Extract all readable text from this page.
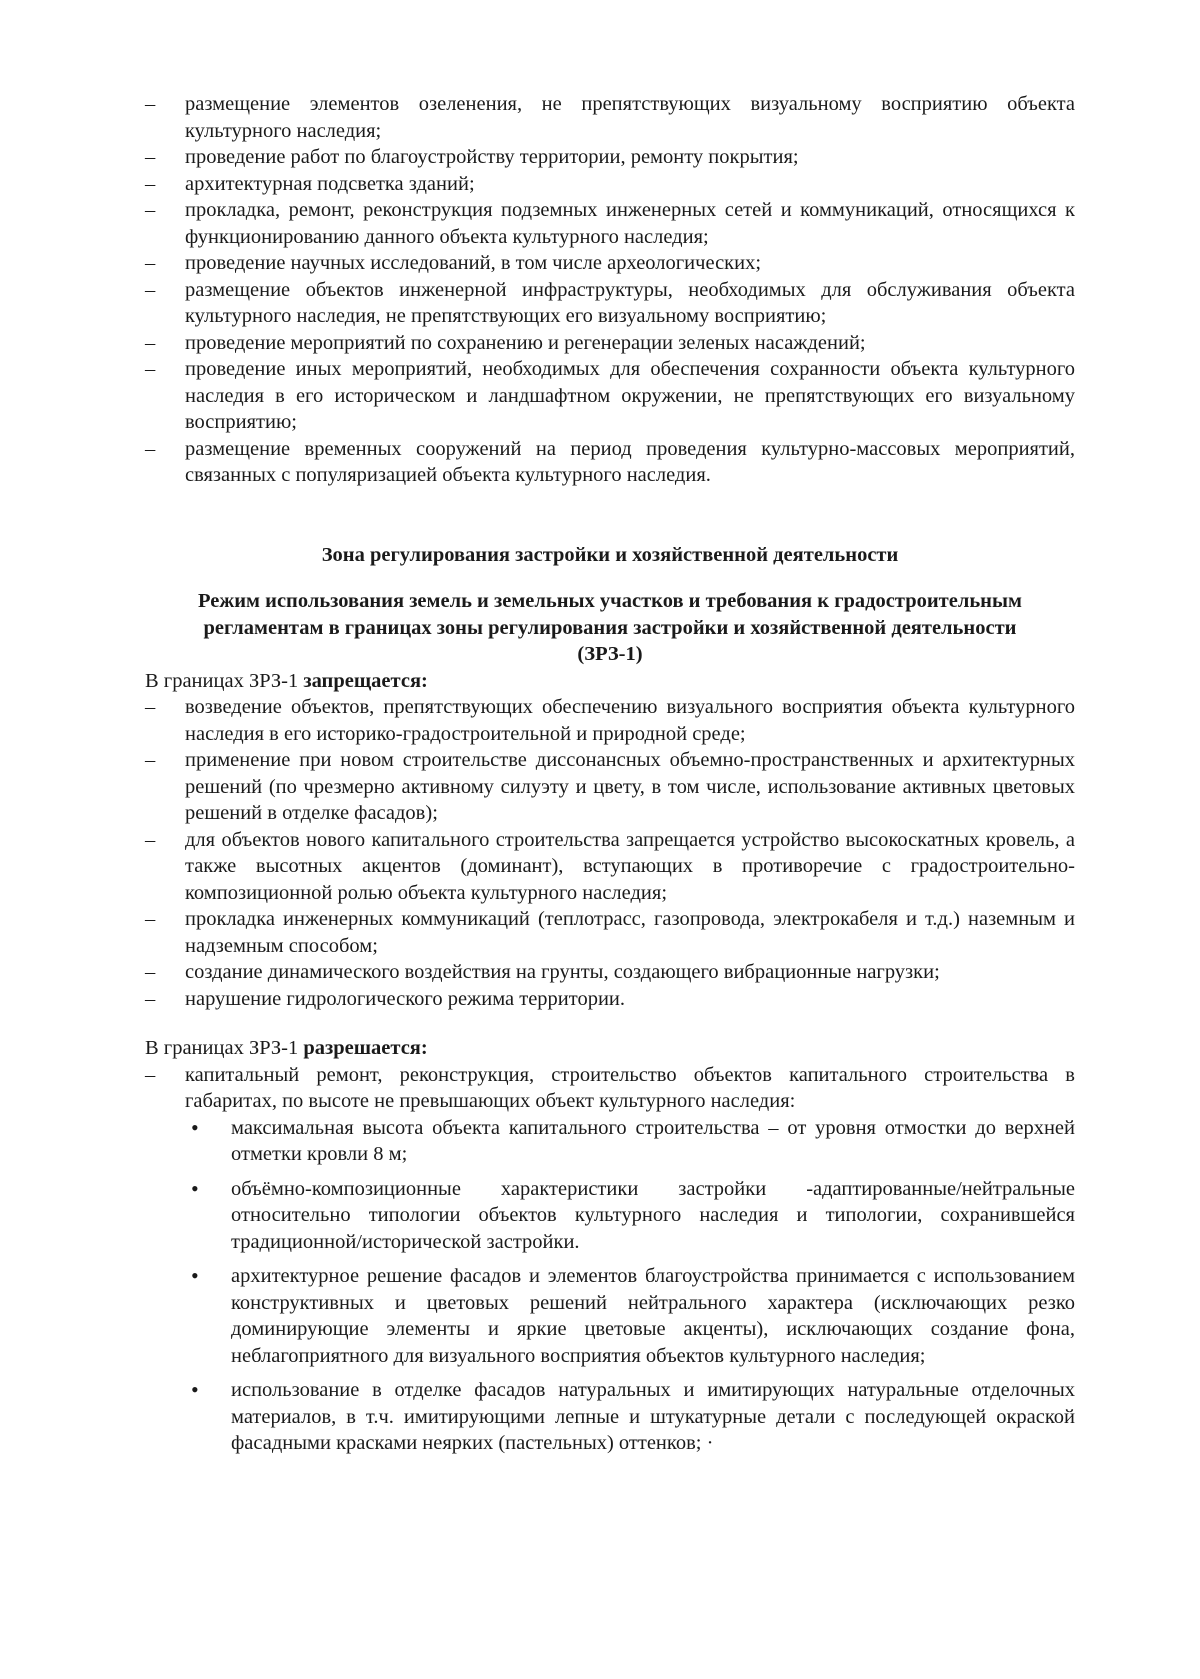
– размещение элементов озеленения, не препятствующих визуальному восприятию объекта культурного наследия;
– проведение работ по благоустройству территории, ремонту покрытия;
– архитектурная подсветка зданий;
– прокладка, ремонт, реконструкция подземных инженерных сетей и коммуникаций, относящихся к функционированию данного объекта культурного наследия;
– проведение научных исследований, в том числе археологических;
– размещение объектов инженерной инфраструктуры, необходимых для обслуживания объекта культурного наследия, не препятствующих его визуальному восприятию;
– проведение мероприятий по сохранению и регенерации зеленых насаждений;
– проведение иных мероприятий, необходимых для обеспечения сохранности объекта культурного наследия в его историческом и ландшафтном окружении, не препятствующих его визуальному восприятию;
– размещение временных сооружений на период проведения культурно-массовых мероприятий, связанных с популяризацией объекта культурного наследия.
Зона регулирования застройки и хозяйственной деятельности
Режим использования земель и земельных участков и требования к градостроительным регламентам в границах зоны регулирования застройки и хозяйственной деятельности (ЗРЗ-1)

В границах ЗРЗ-1 запрещается:

– возведение объектов, препятствующих обеспечению визуального восприятия объекта культурного наследия в его историко-градостроительной и природной среде;
– применение при новом строительстве диссонансных объемно-пространственных и архитектурных решений (по чрезмерно активному силуэту и цвету, в том числе, использование активных цветовых решений в отделке фасадов);
– для объектов нового капитального строительства запрещается устройство высокоскатных кровель, а также высотных акцентов (доминант), вступающих в противоречие с градостроительно-композиционной ролью объекта культурного наследия;
– прокладка инженерных коммуникаций (теплотрасс, газопровода, электрокабеля и т.д.) наземным и надземным способом;
– создание динамического воздействия на грунты, создающего вибрационные нагрузки;
– нарушение гидрологического режима территории.

В границах ЗРЗ-1 разрешается:

– капитальный ремонт, реконструкция, строительство объектов капитального строительства в габаритах, по высоте не превышающих объект культурного наследия:
• максимальная высота объекта капитального строительства – от уровня отмостки до верхней отметки кровли 8 м;
• объёмно-композиционные характеристики застройки -адаптированные/нейтральные относительно типологии объектов культурного наследия и типологии, сохранившейся традиционной/исторической застройки.
• архитектурное решение фасадов и элементов благоустройства принимается с использованием конструктивных и цветовых решений нейтрального характера (исключающих резко доминирующие элементы и яркие цветовые акценты), исключающих создание фона, неблагоприятного для визуального восприятия объектов культурного наследия;
• использование в отделке фасадов натуральных и имитирующих натуральные отделочных материалов, в т.ч. имитирующими лепные и штукатурные детали с последующей окраской фасадными красками неярких (пастельных) оттенков; ·
